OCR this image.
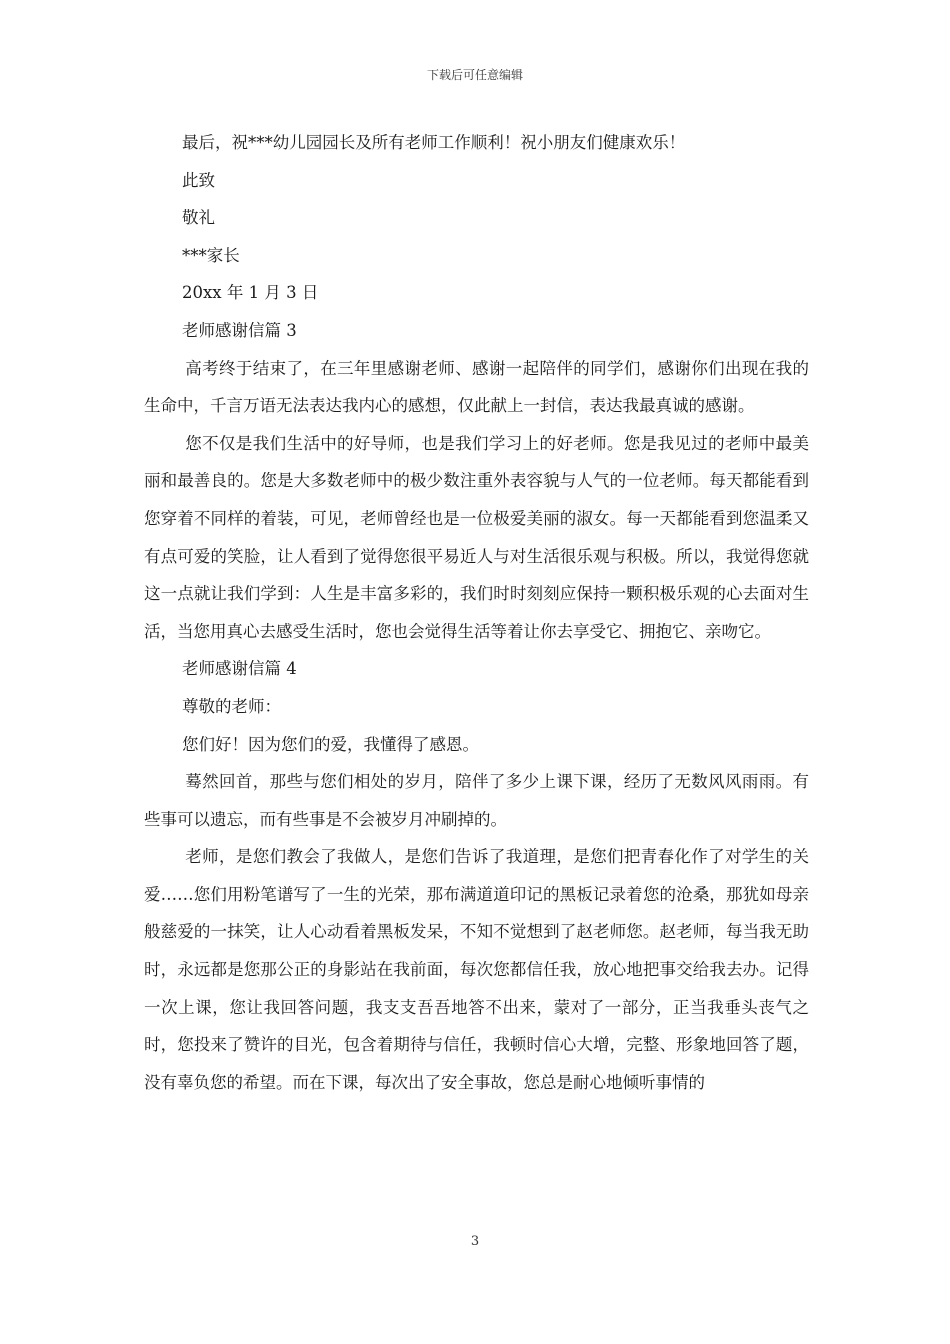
下载后可任意编辑

最后，祝***幼儿园园长及所有老师工作顺利！祝小朋友们健康欢乐！

此致

敬礼

***家长

20xx 年 1 月 3 日

老师感谢信篇 3

高考终于结束了，在三年里感谢老师、感谢一起陪伴的同学们，感谢你们出现在我的生命中，千言万语无法表达我内心的感想，仅此献上一封信，表达我最真诚的感谢。

您不仅是我们生活中的好导师，也是我们学习上的好老师。您是我见过的老师中最美丽和最善良的。您是大多数老师中的极少数注重外表容貌与人气的一位老师。每天都能看到您穿着不同样的着装，可见，老师曾经也是一位极爱美丽的淑女。每一天都能看到您温柔又有点可爱的笑脸，让人看到了觉得您很平易近人与对生活很乐观与积极。所以，我觉得您就这一点就让我们学到：人生是丰富多彩的，我们时时刻刻应保持一颗积极乐观的心去面对生活，当您用真心去感受生活时，您也会觉得生活等着让你去享受它、拥抱它、亲吻它。

老师感谢信篇 4

尊敬的老师：

您们好！因为您们的爱，我懂得了感恩。

蓦然回首，那些与您们相处的岁月，陪伴了多少上课下课，经历了无数风风雨雨。有些事可以遗忘，而有些事是不会被岁月冲刷掉的。

老师，是您们教会了我做人，是您们告诉了我道理，是您们把青春化作了对学生的关爱……您们用粉笔谱写了一生的光荣，那布满道道印记的黑板记录着您的沧桑，那犹如母亲般慈爱的一抹笑，让人心动看着黑板发呆，不知不觉想到了赵老师您。赵老师，每当我无助时，永远都是您那公正的身影站在我前面，每次您都信任我，放心地把事交给我去办。记得一次上课，您让我回答问题，我支支吾吾地答不出来，蒙对了一部分，正当我垂头丧气之时，您投来了赞许的目光，包含着期待与信任，我顿时信心大增，完整、形象地回答了题，没有辜负您的希望。而在下课，每次出了安全事故，您总是耐心地倾听事情的

3
